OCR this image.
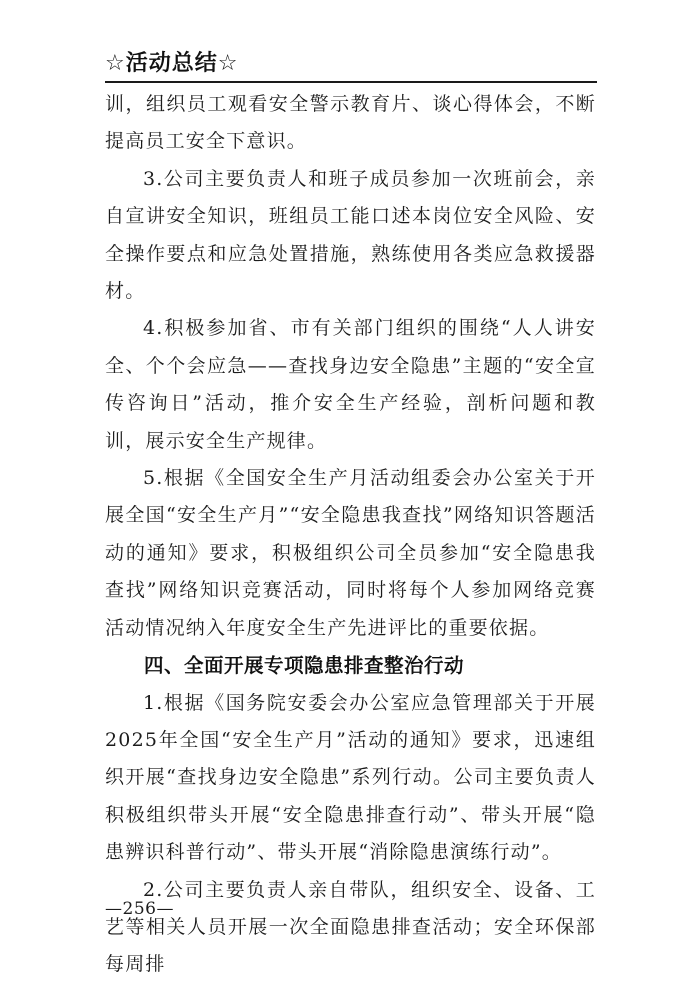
☆活动总结☆

训，组织员工观看安全警示教育片、谈心得体会，不断提高员工安全下意识。

3.公司主要负责人和班子成员参加一次班前会，亲自宣讲安全知识，班组员工能口述本岗位安全风险、安全操作要点和应急处置措施，熟练使用各类应急救援器材。

4.积极参加省、市有关部门组织的围绕“人人讲安全、个个会应急——查找身边安全隐患”主题的“安全宣传咨询日”活动，推介安全生产经验，剖析问题和教训，展示安全生产规律。

5.根据《全国安全生产月活动组委会办公室关于开展全国“安全生产月”“安全隐患我查找”网络知识答题活动的通知》要求，积极组织公司全员参加“安全隐患我查找”网络知识竞赛活动，同时将每个人参加网络竞赛活动情况纳入年度安全生产先进评比的重要依据。

四、全面开展专项隐患排查整治行动

1.根据《国务院安委会办公室应急管理部关于开展2025年全国“安全生产月”活动的通知》要求，迅速组织开展“查找身边安全隐患”系列行动。公司主要负责人积极组织带头开展“安全隐患排查行动”、带头开展“隐患辨识科普行动”、带头开展“消除隐患演练行动”。

2.公司主要负责人亲自带队，组织安全、设备、工艺等相关人员开展一次全面隐患排查活动；安全环保部每周排

—256—
